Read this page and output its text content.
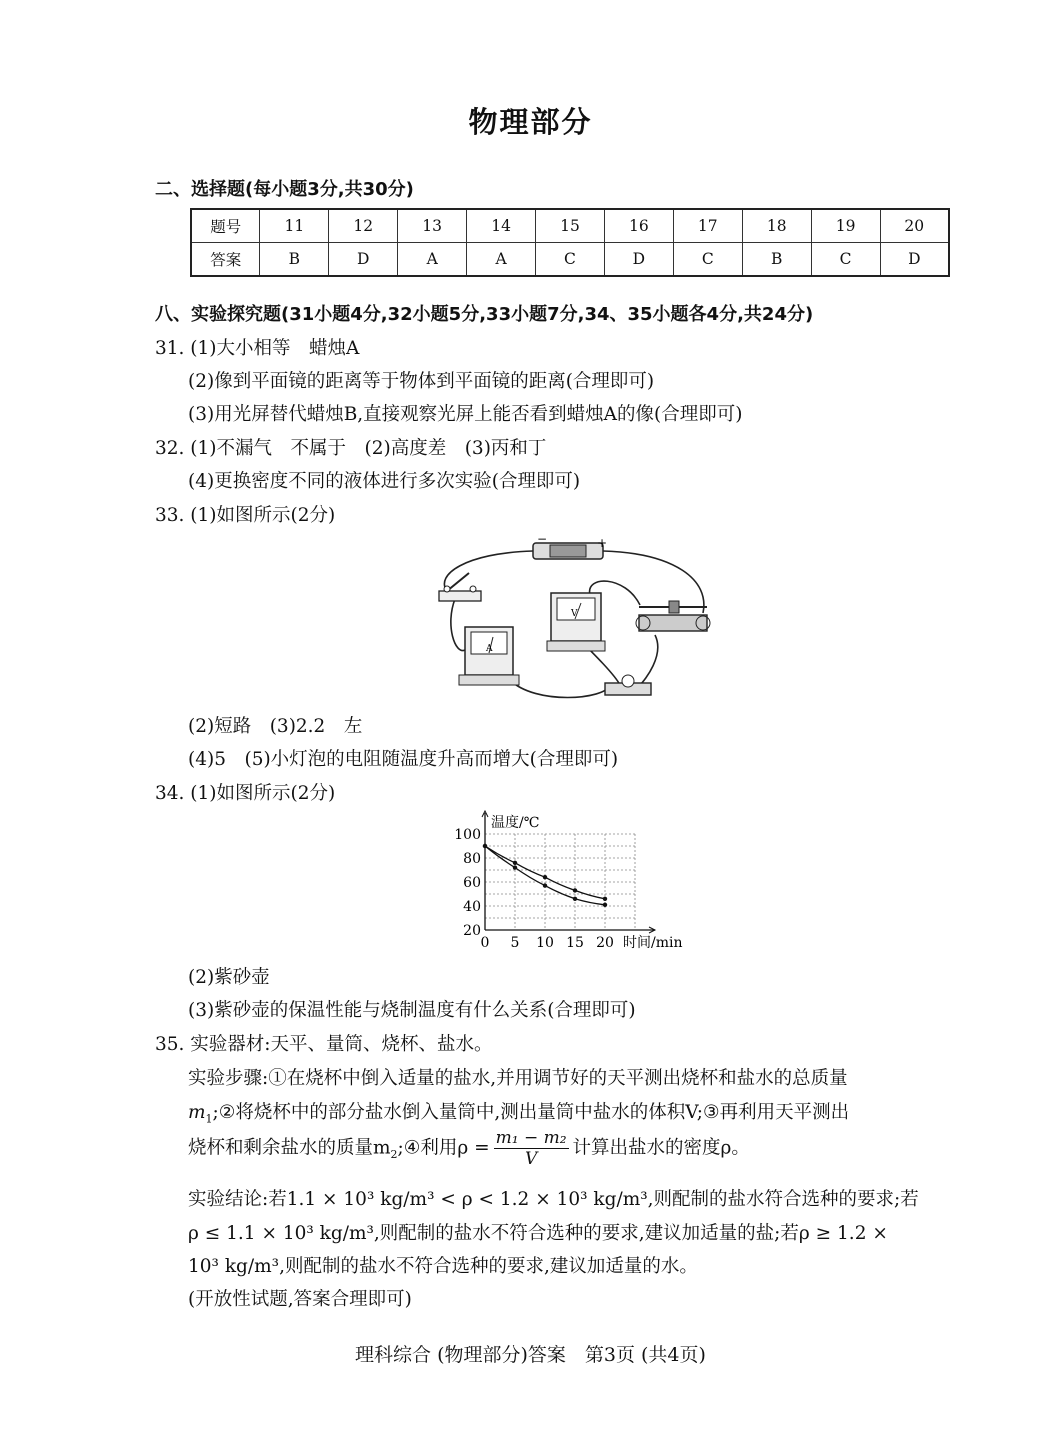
物理部分
二、选择题(每小题3分,共30分)
题号	11	12	13	14	15	16	17	18	19	20
答案	B	D	A	A	C	D	C	B	C	D
八、实验探究题(31小题4分,32小题5分,33小题7分,34、35小题各4分,共24分)
31. (1)大小相等　蜡烛A
(2)像到平面镜的距离等于物体到平面镜的距离(合理即可)
(3)用光屏替代蜡烛B,直接观察光屏上能否看到蜡烛A的像(合理即可)
32. (1)不漏气　不属于　(2)高度差　(3)丙和丁
(4)更换密度不同的液体进行多次实验(合理即可)
33. (1)如图所示(2分)
−	+
A
V
(2)短路　(3)2.2　左
(4)5　(5)小灯泡的电阻随温度升高而增大(合理即可)
34. (1)如图所示(2分)
0 5 10 15 20
100
80
60
40
20
温度/℃
时间/min
(2)紫砂壶
(3)紫砂壶的保温性能与烧制温度有什么关系(合理即可)
35. 实验器材:天平、量筒、烧杯、盐水。
实验步骤:①在烧杯中倒入适量的盐水,并用调节好的天平测出烧杯和盐水的总质量
$m_1;②$将烧杯中的部分盐水倒入量筒中,测出量筒中盐水的体积V;③再利用天平测出
烧杯和剩余盐水的质量$m_2;④$利用$\rho = \frac{\text{m₁ − m₂}}{V}$ 计算出盐水的密度ρ。
实验结论:若1.1 × 10³ kg/m³ < ρ < 1.2 × 10³ kg/m³,则配制的盐水符合选种的要求;若
ρ ≤ 1.1 × 10³ kg/m³,则配制的盐水不符合选种的要求,建议加适量的盐;若ρ ≥ 1.2 ×
10³ kg/m³,则配制的盐水不符合选种的要求,建议加适量的水。
(开放性试题,答案合理即可)
理科综合 (物理部分)答案　第3页 (共4页)
